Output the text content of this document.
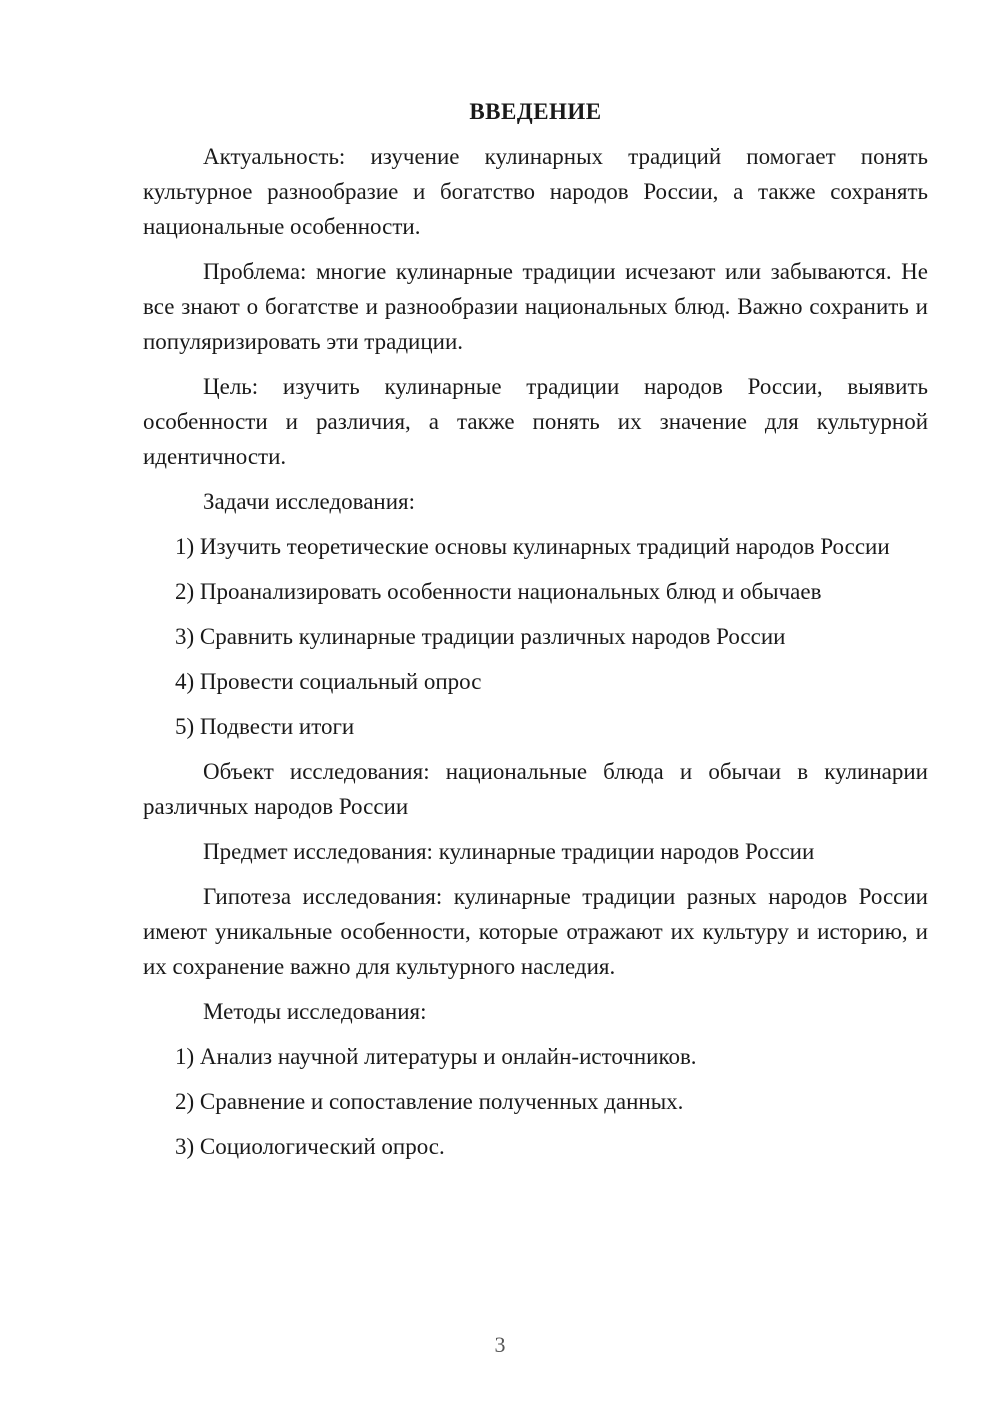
ВВЕДЕНИЕ
Актуальность: изучение кулинарных традиций помогает понять культурное разнообразие и богатство народов России, а также сохранять национальные особенности.
Проблема: многие кулинарные традиции исчезают или забываются. Не все знают о богатстве и разнообразии национальных блюд. Важно сохранить и популяризировать эти традиции.
Цель: изучить кулинарные традиции народов России, выявить особенности и различия, а также понять их значение для культурной идентичности.
Задачи исследования:
1) Изучить теоретические основы кулинарных традиций народов России
2) Проанализировать особенности национальных блюд и обычаев
3) Сравнить кулинарные традиции различных народов России
4) Провести социальный опрос
5) Подвести итоги
Объект исследования: национальные блюда и обычаи в кулинарии различных народов России
Предмет исследования: кулинарные традиции народов России
Гипотеза исследования: кулинарные традиции разных народов России имеют уникальные особенности, которые отражают их культуру и историю, и их сохранение важно для культурного наследия.
Методы исследования:
1) Анализ научной литературы и онлайн-источников.
2) Сравнение и сопоставление полученных данных.
3) Социологический опрос.
3
